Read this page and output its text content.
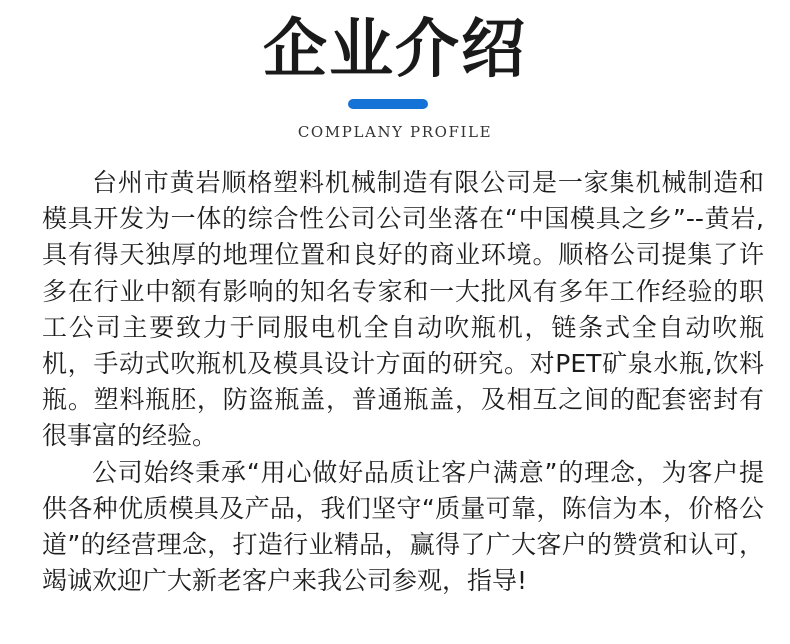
企业介绍
COMPLANY PROFILE

台州市黄岩顺格塑料机械制造有限公司是一家集机械制造和模具开发为一体的综合性公司公司坐落在“中国模具之乡”--黄岩,具有得天独厚的地理位置和良好的商业环境。顺格公司提集了许多在行业中额有影响的知名专家和一大批风有多年工作经验的职工公司主要致力于同服电机全自动吹瓶机，链条式全自动吹瓶机，手动式吹瓶机及模具设计方面的研究。对PET矿泉水瓶,饮料瓶。塑料瓶胚，防盗瓶盖，普通瓶盖，及相互之间的配套密封有很事富的经验。

公司始终秉承“用心做好品质让客户满意”的理念，为客户提供各种优质模具及产品，我们坚守“质量可靠，陈信为本，价格公道”的经营理念，打造行业精品，赢得了广大客户的赞赏和认可，竭诚欢迎广大新老客户来我公司参观，指导!
